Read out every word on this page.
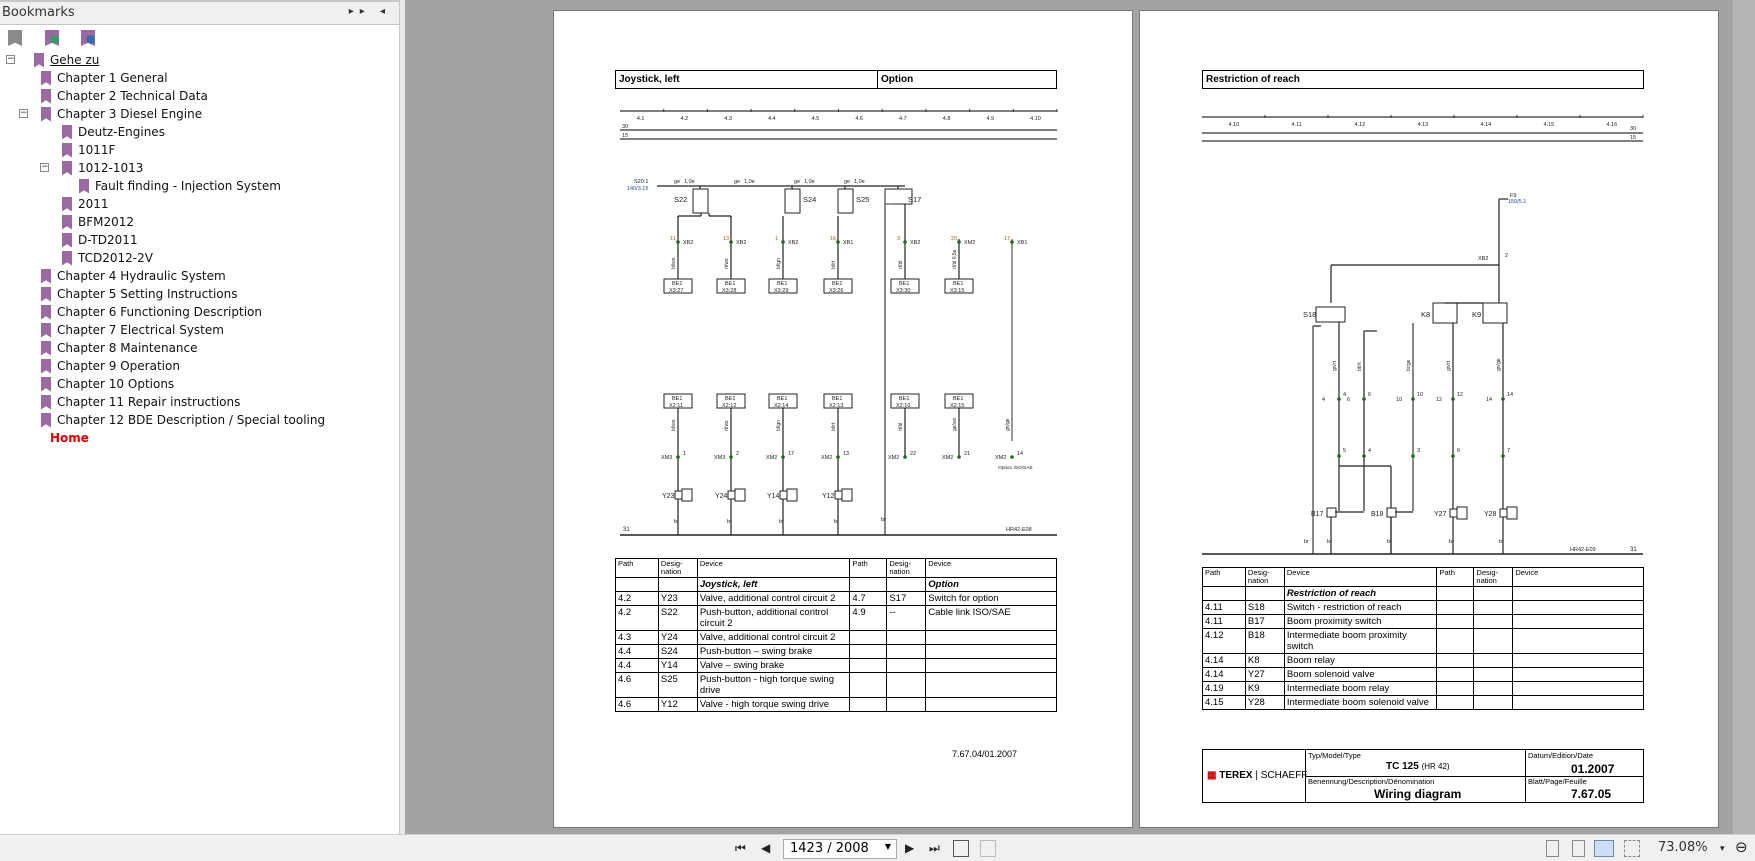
Bookmarks	▸▸ ◂
Gehe zu
−
Chapter 1 General
Chapter 2 Technical Data
Chapter 3 Diesel Engine
−
Deutz-Engines
1011F
1012-1013
−
Fault finding - Injection System
2011
BFM2012
D-TD2011
TCD2012-2V
Chapter 4 Hydraulic System
Chapter 5 Setting Instructions
Chapter 6 Functioning Description
Chapter 7 Electrical System
Chapter 8 Maintenance
Chapter 9 Operation
Chapter 10 Options
Chapter 11 Repair instructions
Chapter 12 BDE Description / Special tooling
Home
4.1	4.2	4.3	4.4	4.5	4.6	4.7	4.8	4.9	4.10
30
15
S20:1
140/3.15
ge 1,0e	ge 1,0e	ge 1,0e	ge 1,0e
S22	S24	S25	S17
XB2
11
bl/ws
BE1
X3:27
BE1
X2:11
bl/ws
XM3
1
Y23
br
XB2
13
rt/ws
BE1
X3:28
BE1
X2:12
rt/ws
XM3
2
Y24
br
XB2
1
bl/gn
BE1
X3:29
BE1
X2:14
bl/gn
XM2
17
Y14
br
XB1
16
bl/rt
BE1
X3:26
BE1
X2:13
bl/rt
XM2
13
Y12
br
XB2
3
rt/bl
BE1
X3:30
BE1
X2:10
rt/bl
XM2
22
XM2
20
rt/bl 0,5e
BE1
X3:15
BE1
X2:15
ge/ws
XM2
21
XB1
17
gn/ge
XM2
14
Option ISO/SAE
br
31	HR42-E08
Joystick, left	Option
Path	Desig-nation	Device	Path	Desig-nation	Device
		Joystick, left			Option
4.2	Y23	Valve, additional control circuit 2	4.7	S17	Switch for option
4.2	S22	Push-button, additional control circuit 2	4.9	--	Cable link ISO/SAE
4.3	Y24	Valve, additional control circuit 2			
4.4	S24	Push-button – swing brake			
4.4	Y14	Valve – swing brake			
4.6	S25	Push-button - high torque swing drive			
4.6	Y12	Valve - high torque swing drive			
7.67.04/01.2007
4.10	4.11	4.12	4.13	4.14	4.15	4.16
30
15
F9
150/5.1
XB2	2
S18	K8	K9
4
4
5
gn/rt
6
6
4
bt/rt
10
10
3
br/ge
12
12
6
gn/rt
14
14
7
gn/ge
B17	B18	Y27	Y28
br	br	br	br	br
31
HR42-E09
Restriction of reach
Path	Desig-nation	Device	Path	Desig-nation	Device
		Restriction of reach			
4.11	S18	Switch - restriction of reach			
4.11	B17	Boom proximity switch			
4.12	B18	Intermediate boom proximity switch			
4.14	K8	Boom relay			
4.14	Y27	Boom solenoid valve			
4.19	K9	Intermediate boom relay			
4.15	Y28	Intermediate boom solenoid valve			
▦ TEREX | SCHAEFF
Typ/Model/Type
TC 125 (HR 42)
Benennung/Description/Dénomination
Wiring diagram
Datum/Edition/Date
01.2007
Blatt/Page/Feuille
7.67.05
⏮ ◀	1423 / 2008 ▼ ▶ ⏭	73.08% ▾ ⊖
